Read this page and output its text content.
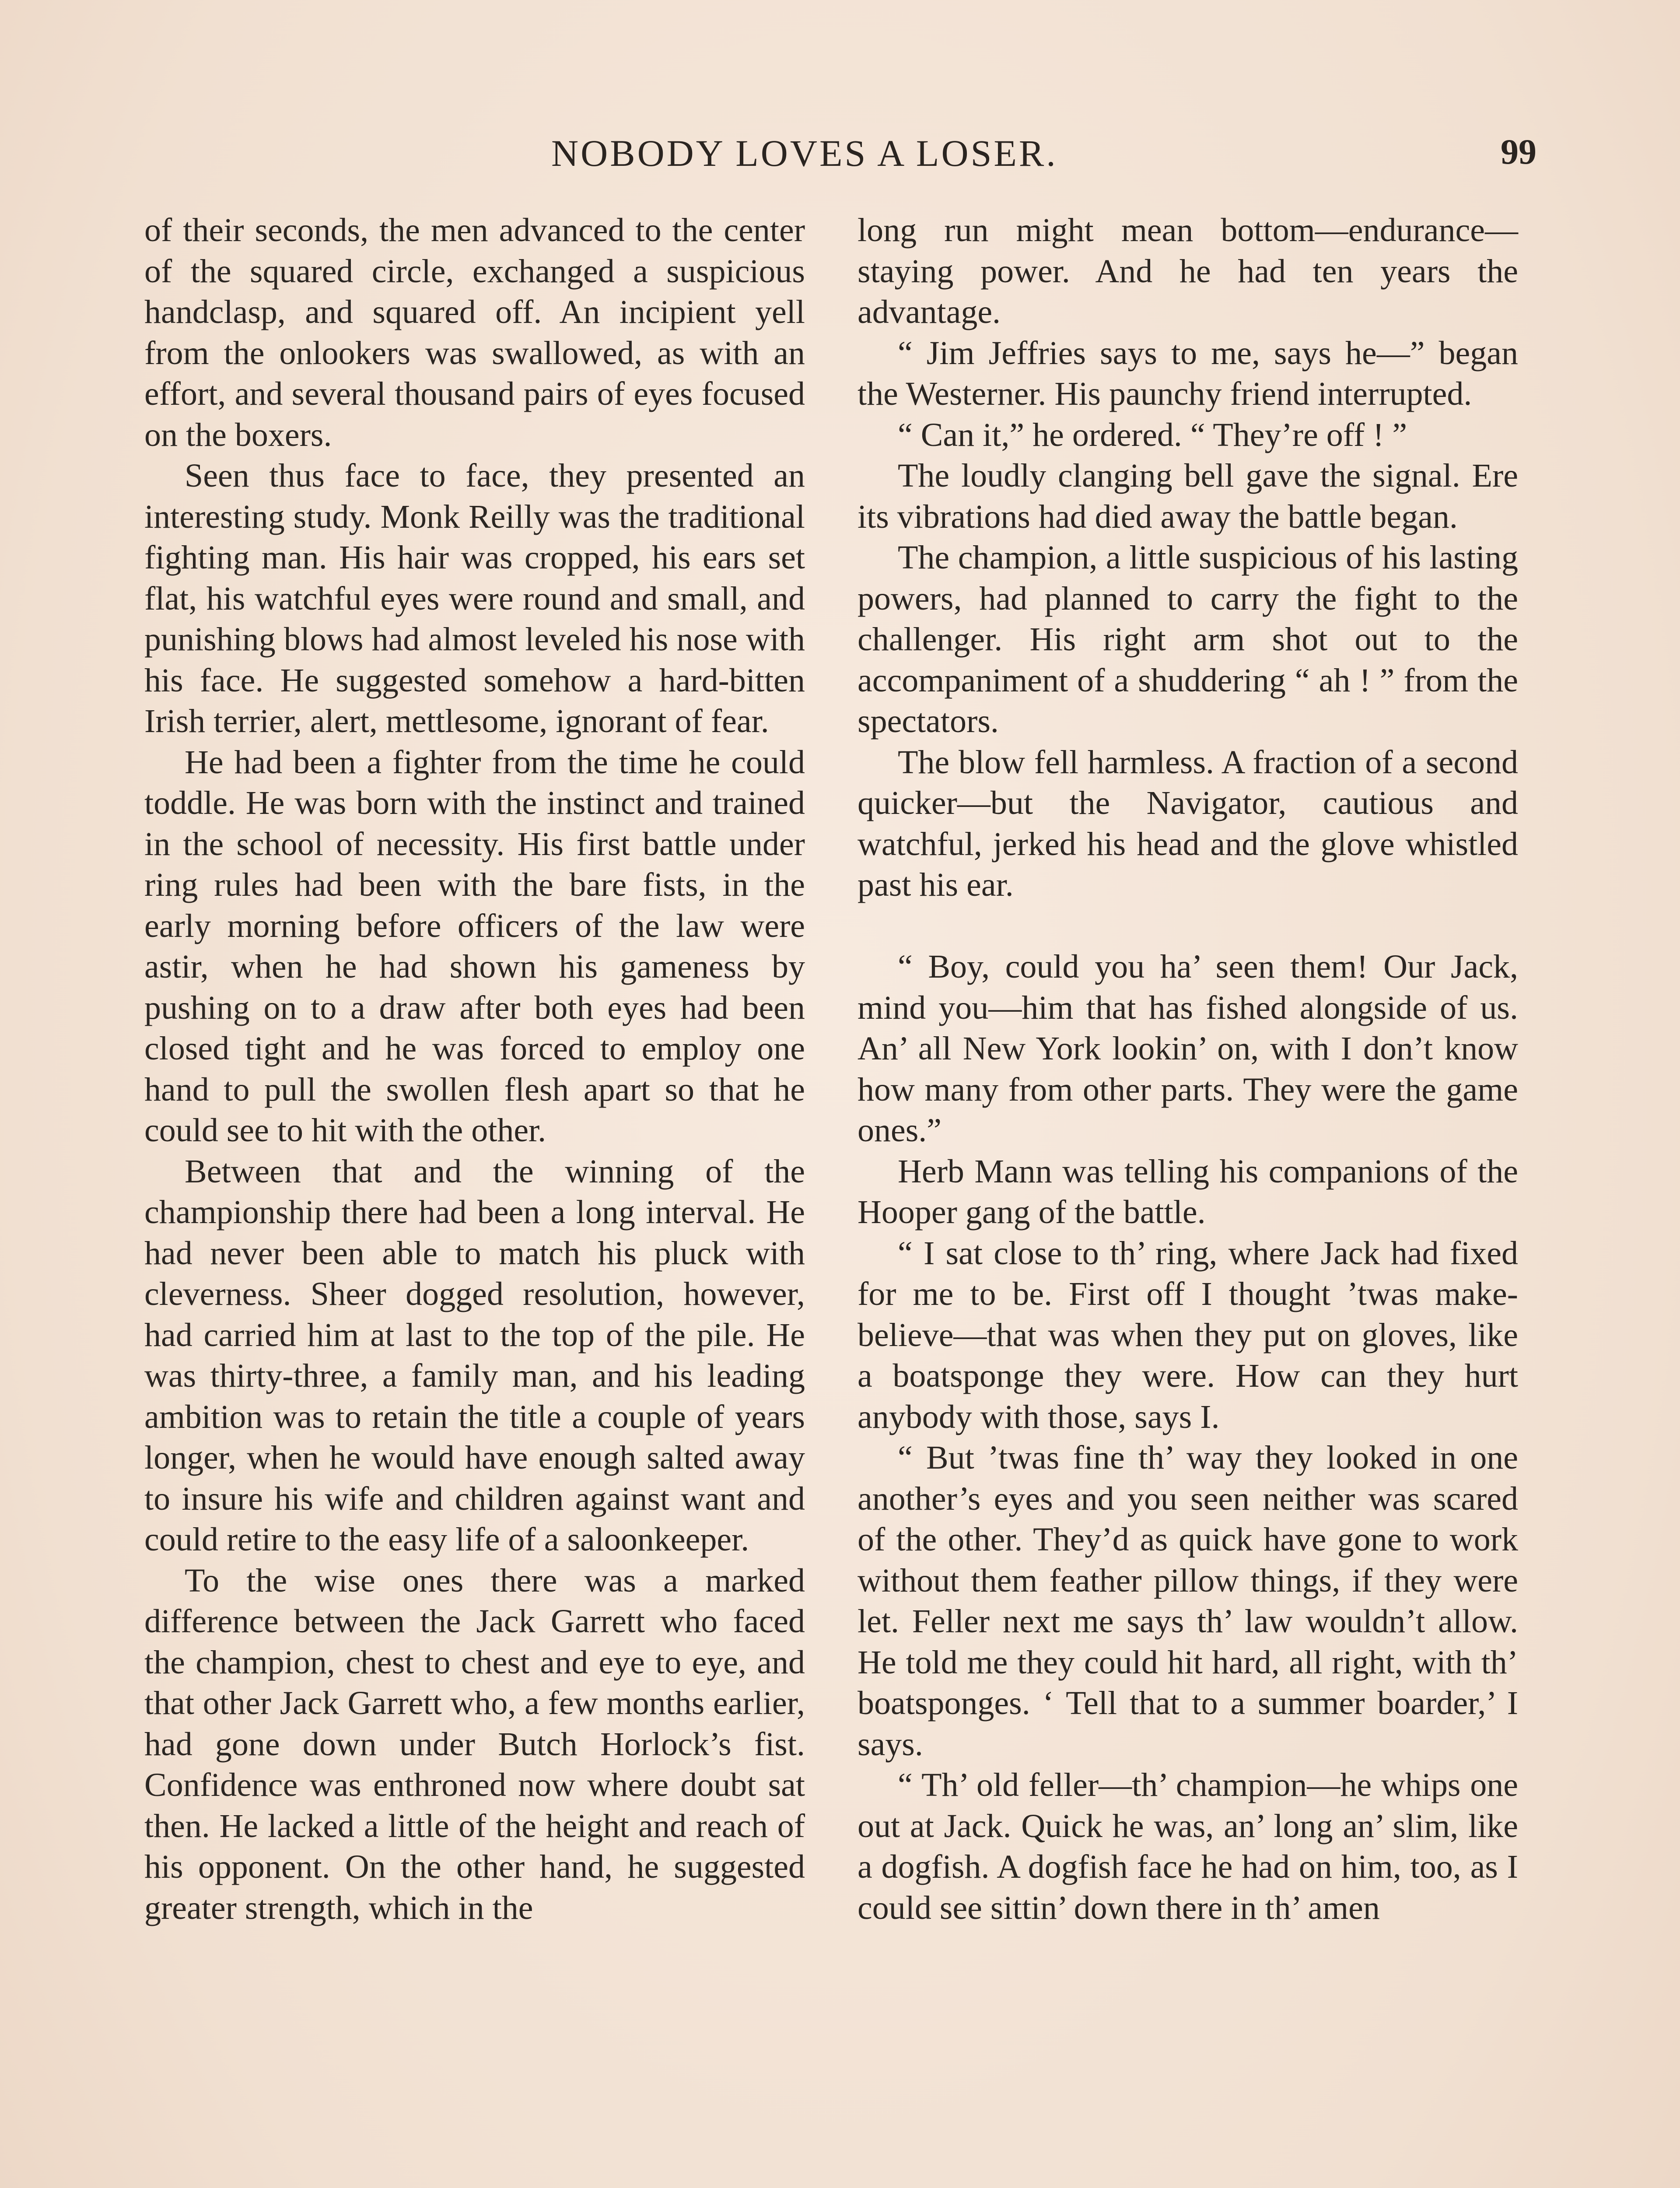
NOBODY LOVES A LOSER.	99

of their seconds, the men advanced to the center of the squared circle, exchanged a suspicious handclasp, and squared off. An incipient yell from the onlookers was swallowed, as with an effort, and several thousand pairs of eyes focused on the boxers.

Seen thus face to face, they presented an interesting study. Monk Reilly was the traditional fighting man. His hair was cropped, his ears set flat, his watchful eyes were round and small, and punishing blows had almost leveled his nose with his face. He suggested somehow a hard-bitten Irish terrier, alert, mettlesome, ignorant of fear.

He had been a fighter from the time he could toddle. He was born with the instinct and trained in the school of necessity. His first battle under ring rules had been with the bare fists, in the early morning before officers of the law were astir, when he had shown his gameness by pushing on to a draw after both eyes had been closed tight and he was forced to employ one hand to pull the swollen flesh apart so that he could see to hit with the other.

Between that and the winning of the championship there had been a long interval. He had never been able to match his pluck with cleverness. Sheer dogged resolution, however, had carried him at last to the top of the pile. He was thirty-three, a family man, and his leading ambition was to retain the title a couple of years longer, when he would have enough salted away to insure his wife and children against want and could retire to the easy life of a saloonkeeper.

To the wise ones there was a marked difference between the Jack Garrett who faced the champion, chest to chest and eye to eye, and that other Jack Garrett who, a few months earlier, had gone down under Butch Horlock’s fist. Confidence was enthroned now where doubt sat then. He lacked a little of the height and reach of his opponent. On the other hand, he suggested greater strength, which in the

long run might mean bottom—endurance—staying power. And he had ten years the advantage.

“ Jim Jeffries says to me, says he—” began the Westerner. His paunchy friend interrupted.

“ Can it,” he ordered. “ They’re off ! ”

The loudly clanging bell gave the signal. Ere its vibrations had died away the battle began.

The champion, a little suspicious of his lasting powers, had planned to carry the fight to the challenger. His right arm shot out to the accompaniment of a shuddering “ ah ! ” from the spectators.

The blow fell harmless. A fraction of a second quicker—but the Navigator, cautious and watchful, jerked his head and the glove whistled past his ear.

“ Boy, could you ha’ seen them! Our Jack, mind you—him that has fished alongside of us. An’ all New York lookin’ on, with I don’t know how many from other parts. They were the game ones.”

Herb Mann was telling his companions of the Hooper gang of the battle.

“ I sat close to th’ ring, where Jack had fixed for me to be. First off I thought ’twas make-believe—that was when they put on gloves, like a boatsponge they were. How can they hurt anybody with those, says I.

“ But ’twas fine th’ way they looked in one another’s eyes and you seen neither was scared of the other. They’d as quick have gone to work without them feather pillow things, if they were let. Feller next me says th’ law wouldn’t allow. He told me they could hit hard, all right, with th’ boatsponges. ‘ Tell that to a summer boarder,’ I says.

“ Th’ old feller—th’ champion—he whips one out at Jack. Quick he was, an’ long an’ slim, like a dogfish. A dogfish face he had on him, too, as I could see sittin’ down there in th’ amen
